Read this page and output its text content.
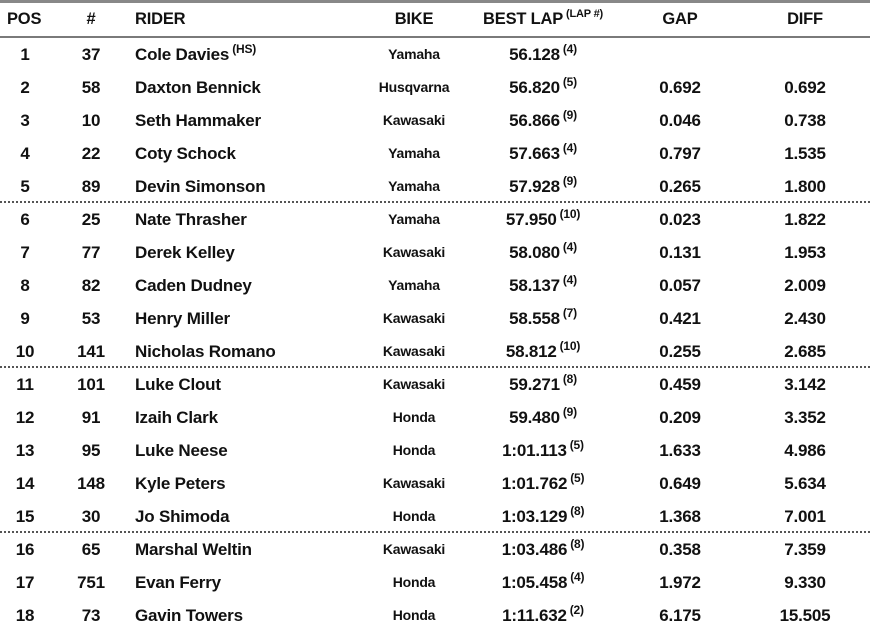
POS	#	RIDER	BIKE	BEST LAP $^{(LAP \#)}$	GAP	DIFF
1	37	Cole Davies $^{(HS)}$	Yamaha	56.128 $^{(4)}$
2	58	Daxton Bennick	Husqvarna	56.820 $^{(5)}$	0.692	0.692
3	10	Seth Hammaker	Kawasaki	56.866 $^{(9)}$	0.046	0.738
4	22	Coty Schock	Yamaha	57.663 $^{(4)}$	0.797	1.535
5	89	Devin Simonson	Yamaha	57.928 $^{(9)}$	0.265	1.800
6	25	Nate Thrasher	Yamaha	57.950 $^{(10)}$	0.023	1.822
7	77	Derek Kelley	Kawasaki	58.080 $^{(4)}$	0.131	1.953
8	82	Caden Dudney	Yamaha	58.137 $^{(4)}$	0.057	2.009
9	53	Henry Miller	Kawasaki	58.558 $^{(7)}$	0.421	2.430
10	141	Nicholas Romano	Kawasaki	58.812 $^{(10)}$	0.255	2.685
11	101	Luke Clout	Kawasaki	59.271 $^{(8)}$	0.459	3.142
12	91	Izaih Clark	Honda	59.480 $^{(9)}$	0.209	3.352
13	95	Luke Neese	Honda	1:01.113 $^{(5)}$	1.633	4.986
14	148	Kyle Peters	Kawasaki	1:01.762 $^{(5)}$	0.649	5.634
15	30	Jo Shimoda	Honda	1:03.129 $^{(8)}$	1.368	7.001
16	65	Marshal Weltin	Kawasaki	1:03.486 $^{(8)}$	0.358	7.359
17	751	Evan Ferry	Honda	1:05.458 $^{(4)}$	1.972	9.330
18	73	Gavin Towers	Honda	1:11.632 $^{(2)}$	6.175	15.505
